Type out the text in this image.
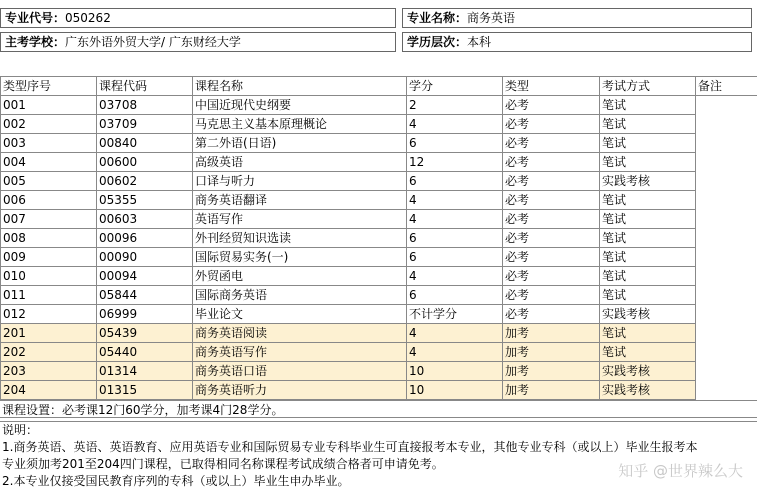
专业代号：050262	专业名称：商务英语
主考学校：广东外语外贸大学/ 广东财经大学	学历层次：本科
类型序号	课程代码	课程名称	学分	类型	考试方式	备注
001	03708	中国近现代史纲要	2	必考	笔试	
002	03709	马克思主义基本原理概论	4	必考	笔试	
003	00840	第二外语(日语)	6	必考	笔试	
004	00600	高级英语	12	必考	笔试	
005	00602	口译与听力	6	必考	实践考核	
006	05355	商务英语翻译	4	必考	笔试	
007	00603	英语写作	4	必考	笔试	
008	00096	外刊经贸知识选读	6	必考	笔试	
009	00090	国际贸易实务(一)	6	必考	笔试	
010	00094	外贸函电	4	必考	笔试	
011	05844	国际商务英语	6	必考	笔试	
012	06999	毕业论文	不计学分	必考	实践考核	
201	05439	商务英语阅读	4	加考	笔试	
202	05440	商务英语写作	4	加考	笔试	
203	01314	商务英语口语	10	加考	实践考核	
204	01315	商务英语听力	10	加考	实践考核	
课程设置：必考课12门60学分，加考课4门28学分。
说明：
1.商务英语、英语、英语教育、应用英语专业和国际贸易专业专科毕业生可直接报考本专业，其他专业专科（或以上）毕业生报考本
专业须加考201至204四门课程，已取得相同名称课程考试成绩合格者可申请免考。
2.本专业仅接受国民教育序列的专科（或以上）毕业生申办毕业。
知乎 @世界辣么大
